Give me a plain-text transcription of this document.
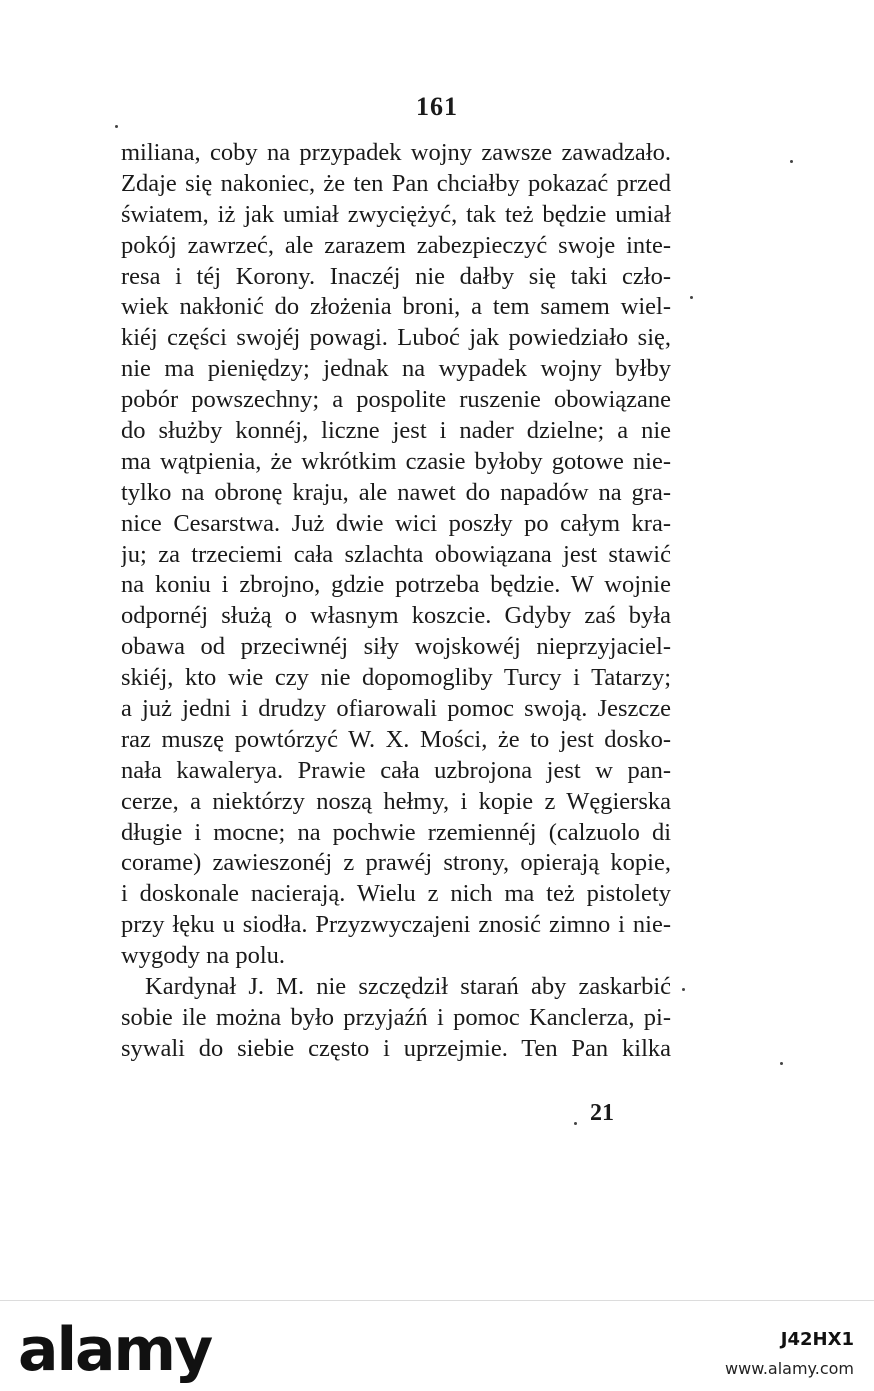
161
miliana, coby na przypadek wojny zawsze zawadzało.
Zdaje się nakoniec, że ten Pan chciałby pokazać przed
światem, iż jak umiał zwyciężyć, tak też będzie umiał
pokój zawrzeć, ale zarazem zabezpieczyć swoje inte-
resa i téj Korony. Inaczéj nie dałby się taki czło-
wiek nakłonić do złożenia broni, a tem samem wiel-
kiéj części swojéj powagi. Luboć jak powiedziało się,
nie ma pieniędzy; jednak na wypadek wojny byłby
pobór powszechny; a pospolite ruszenie obowiązane
do służby konnéj, liczne jest i nader dzielne; a nie
ma wątpienia, że wkrótkim czasie byłoby gotowe nie-
tylko na obronę kraju, ale nawet do napadów na gra-
nice Cesarstwa. Już dwie wici poszły po całym kra-
ju; za trzeciemi cała szlachta obowiązana jest stawić
na koniu i zbrojno, gdzie potrzeba będzie. W wojnie
odpornéj służą o własnym koszcie. Gdyby zaś była
obawa od przeciwnéj siły wojskowéj nieprzyjaciel-
skiéj, kto wie czy nie dopomogliby Turcy i Tatarzy;
a już jedni i drudzy ofiarowali pomoc swoją. Jeszcze
raz muszę powtórzyć W. X. Mości, że to jest dosko-
nała kawalerya. Prawie cała uzbrojona jest w pan-
cerze, a niektórzy noszą hełmy, i kopie z Węgierska
długie i mocne; na pochwie rzemiennéj (calzuolo di
corame) zawieszonéj z prawéj strony, opierają kopie,
i doskonale nacierają. Wielu z nich ma też pistolety
przy łęku u siodła. Przyzwyczajeni znosić zimno i nie-
wygody na polu.
Kardynał J. M. nie szczędził starań aby zaskarbić
sobie ile można było przyjaźń i pomoc Kanclerza, pi-
sywali do siebie często i uprzejmie. Ten Pan kilka
21
alamy	J42HX1
www.alamy.com
